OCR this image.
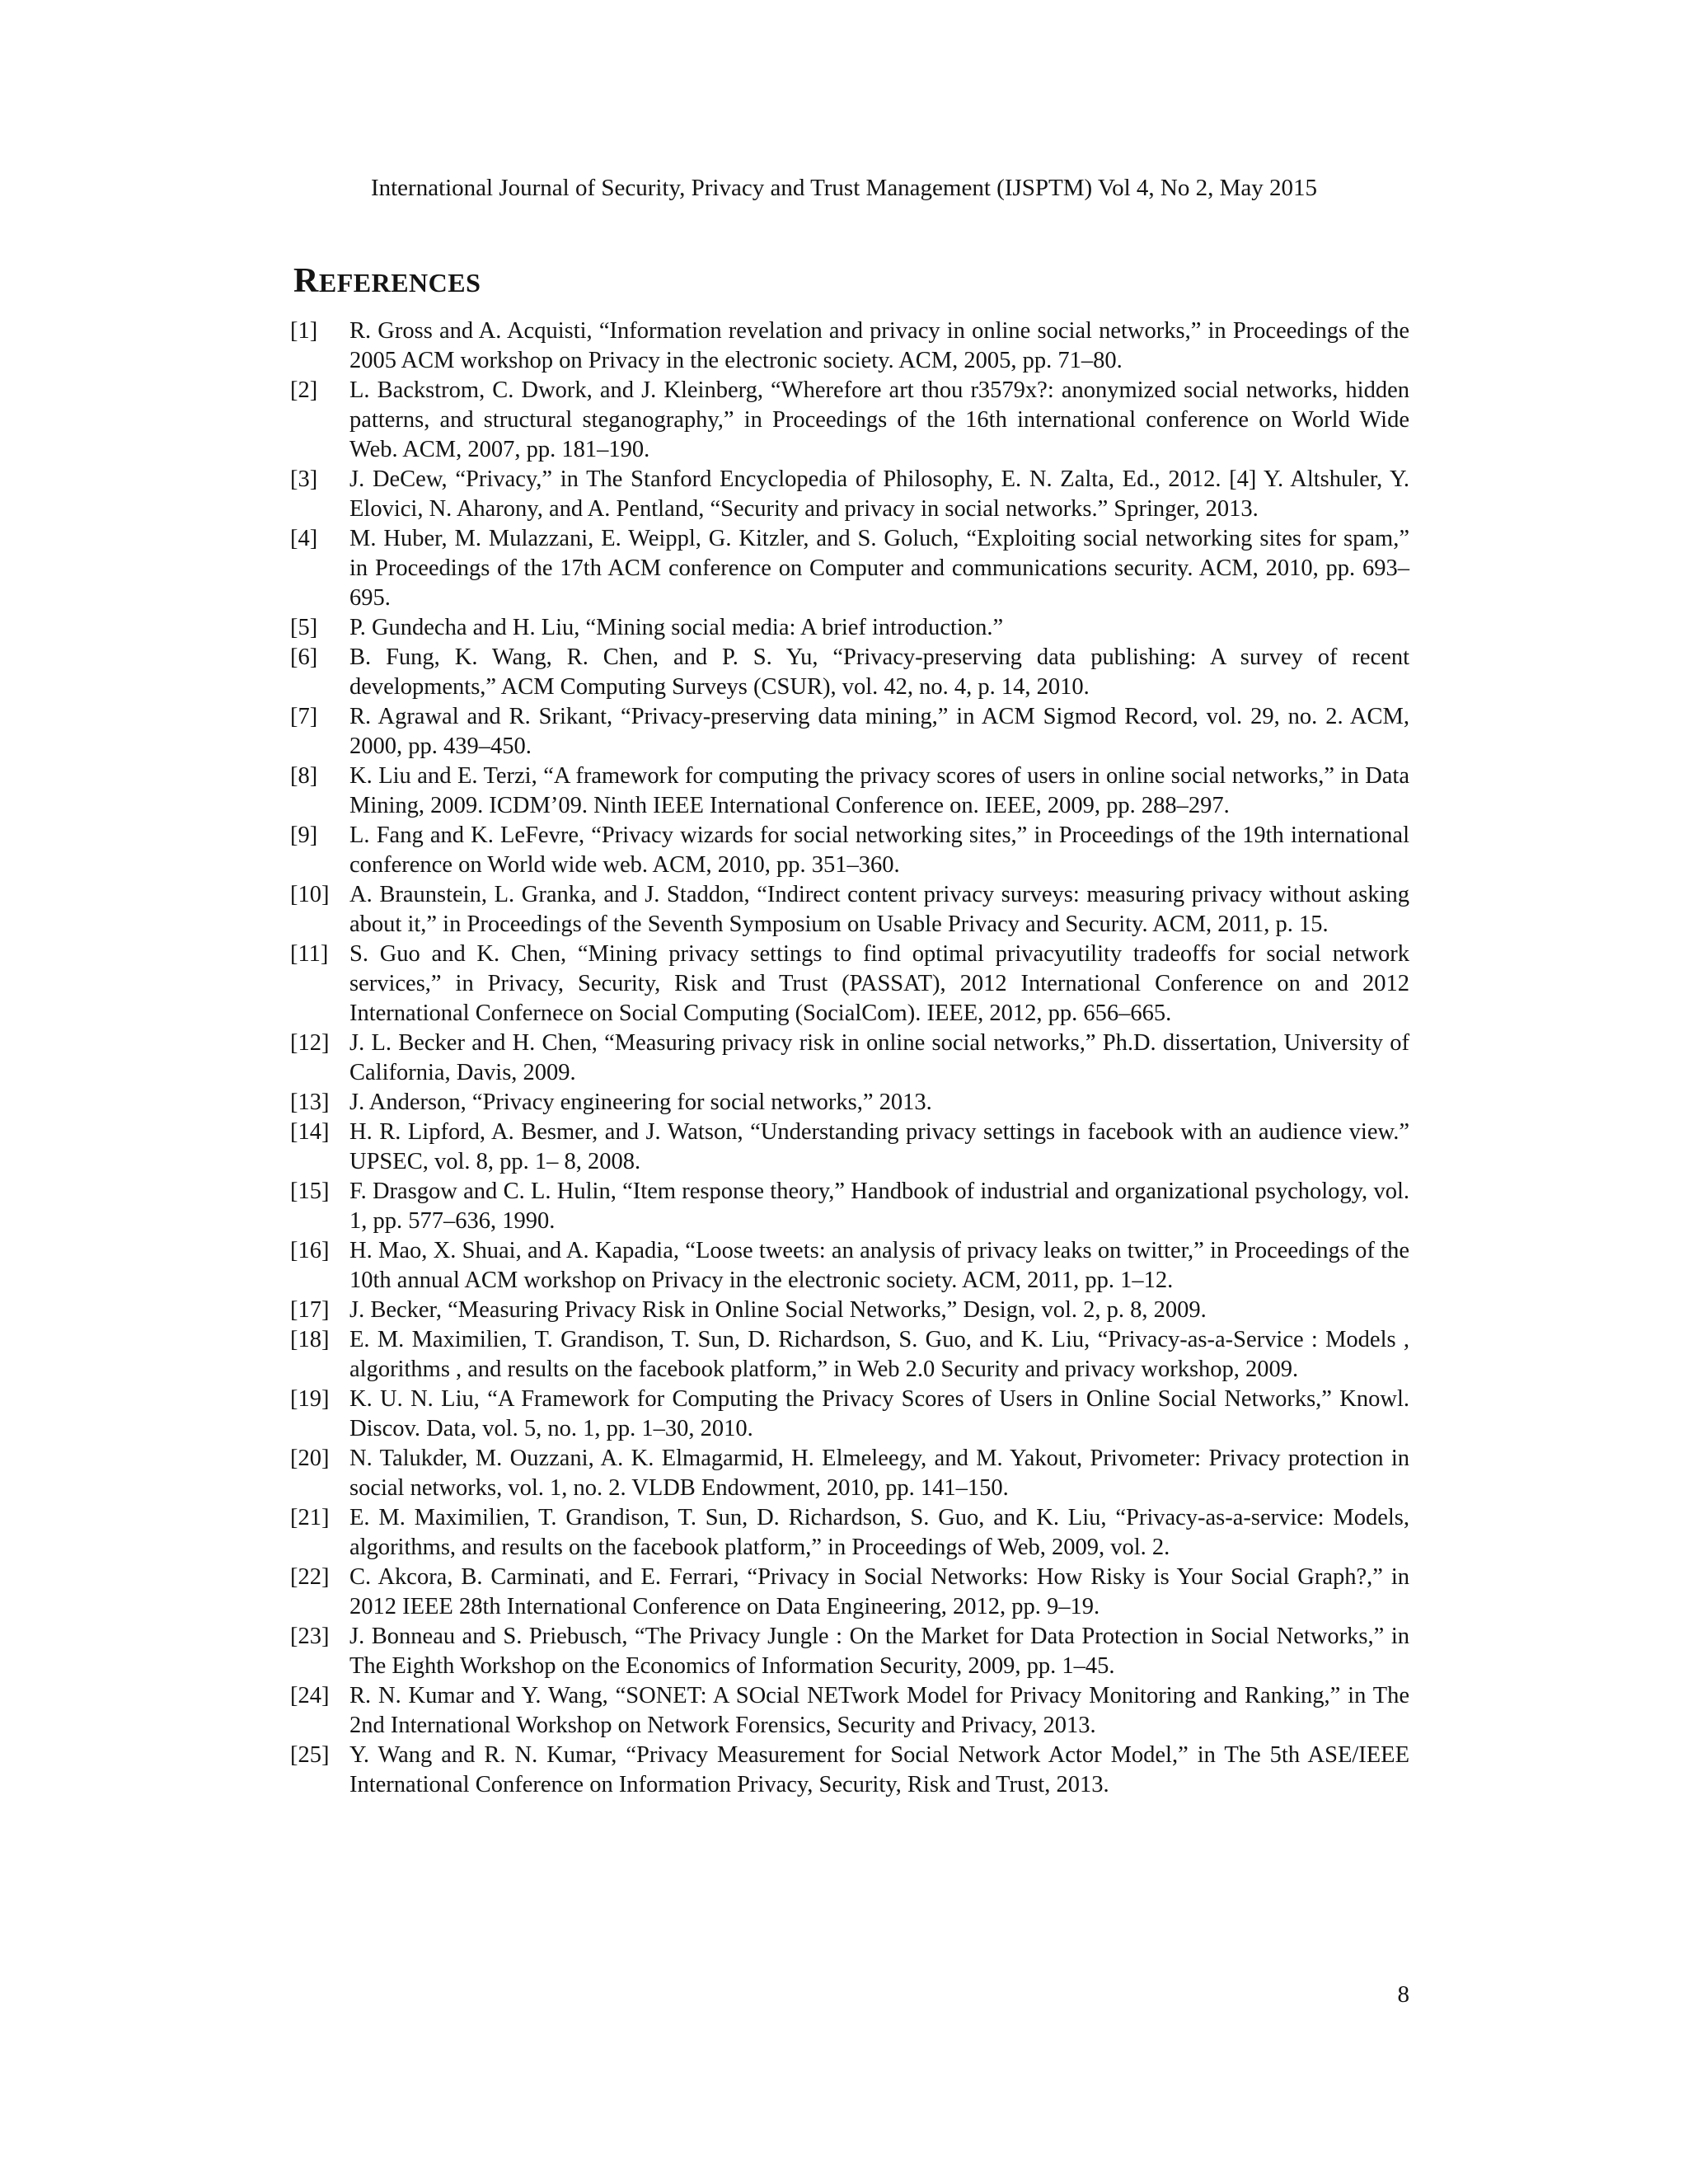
International Journal of Security, Privacy and Trust Management (IJSPTM) Vol 4, No 2, May 2015
REFERENCES
[1]	R. Gross and A. Acquisti, “Information revelation and privacy in online social networks,” in Proceedings of the 2005 ACM workshop on Privacy in the electronic society. ACM, 2005, pp. 71–80.
[2]	L. Backstrom, C. Dwork, and J. Kleinberg, “Wherefore art thou r3579x?: anonymized social networks, hidden patterns, and structural steganography,” in Proceedings of the 16th international conference on World Wide Web. ACM, 2007, pp. 181–190.
[3]	J. DeCew, “Privacy,” in The Stanford Encyclopedia of Philosophy, E. N. Zalta, Ed., 2012. [4] Y. Altshuler, Y. Elovici, N. Aharony, and A. Pentland, “Security and privacy in social networks.” Springer, 2013.
[4]	M. Huber, M. Mulazzani, E. Weippl, G. Kitzler, and S. Goluch, “Exploiting social networking sites for spam,” in Proceedings of the 17th ACM conference on Computer and communications security. ACM, 2010, pp. 693–695.
[5]	P. Gundecha and H. Liu, “Mining social media: A brief introduction.”
[6]	B. Fung, K. Wang, R. Chen, and P. S. Yu, “Privacy-preserving data publishing: A survey of recent developments,” ACM Computing Surveys (CSUR), vol. 42, no. 4, p. 14, 2010.
[7]	R. Agrawal and R. Srikant, “Privacy-preserving data mining,” in ACM Sigmod Record, vol. 29, no. 2. ACM, 2000, pp. 439–450.
[8]	K. Liu and E. Terzi, “A framework for computing the privacy scores of users in online social networks,” in Data Mining, 2009. ICDM’09. Ninth IEEE International Conference on. IEEE, 2009, pp. 288–297.
[9]	L. Fang and K. LeFevre, “Privacy wizards for social networking sites,” in Proceedings of the 19th international conference on World wide web. ACM, 2010, pp. 351–360.
[10] A. Braunstein, L. Granka, and J. Staddon, “Indirect content privacy surveys: measuring privacy without asking about it,” in Proceedings of the Seventh Symposium on Usable Privacy and Security. ACM, 2011, p. 15.
[11] S. Guo and K. Chen, “Mining privacy settings to find optimal privacyutility tradeoffs for social network services,” in Privacy, Security, Risk and Trust (PASSAT), 2012 International Conference on and 2012 International Confernece on Social Computing (SocialCom). IEEE, 2012, pp. 656–665.
[12] J. L. Becker and H. Chen, “Measuring privacy risk in online social networks,” Ph.D. dissertation, University of California, Davis, 2009.
[13] J. Anderson, “Privacy engineering for social networks,” 2013.
[14] H. R. Lipford, A. Besmer, and J. Watson, “Understanding privacy settings in facebook with an audience view.” UPSEC, vol. 8, pp. 1– 8, 2008.
[15] F. Drasgow and C. L. Hulin, “Item response theory,” Handbook of industrial and organizational psychology, vol. 1, pp. 577–636, 1990.
[16] H. Mao, X. Shuai, and A. Kapadia, “Loose tweets: an analysis of privacy leaks on twitter,” in Proceedings of the 10th annual ACM workshop on Privacy in the electronic society. ACM, 2011, pp. 1–12.
[17] J. Becker, “Measuring Privacy Risk in Online Social Networks,” Design, vol. 2, p. 8, 2009.
[18] E. M. Maximilien, T. Grandison, T. Sun, D. Richardson, S. Guo, and K. Liu, “Privacy-as-a-Service : Models , algorithms , and results on the facebook platform,” in Web 2.0 Security and privacy workshop, 2009.
[19] K. U. N. Liu, “A Framework for Computing the Privacy Scores of Users in Online Social Networks,” Knowl. Discov. Data, vol. 5, no. 1, pp. 1–30, 2010.
[20] N. Talukder, M. Ouzzani, A. K. Elmagarmid, H. Elmeleegy, and M. Yakout, Privometer: Privacy protection in social networks, vol. 1, no. 2. VLDB Endowment, 2010, pp. 141–150.
[21] E. M. Maximilien, T. Grandison, T. Sun, D. Richardson, S. Guo, and K. Liu, “Privacy-as-a-service: Models, algorithms, and results on the facebook platform,” in Proceedings of Web, 2009, vol. 2.
[22] C. Akcora, B. Carminati, and E. Ferrari, “Privacy in Social Networks: How Risky is Your Social Graph?,” in 2012 IEEE 28th International Conference on Data Engineering, 2012, pp. 9–19.
[23] J. Bonneau and S. Priebusch, “The Privacy Jungle : On the Market for Data Protection in Social Networks,” in The Eighth Workshop on the Economics of Information Security, 2009, pp. 1–45.
[24] R. N. Kumar and Y. Wang, “SONET: A SOcial NETwork Model for Privacy Monitoring and Ranking,” in The 2nd International Workshop on Network Forensics, Security and Privacy, 2013.
[25] Y. Wang and R. N. Kumar, “Privacy Measurement for Social Network Actor Model,” in The 5th ASE/IEEE International Conference on Information Privacy, Security, Risk and Trust, 2013.
8
